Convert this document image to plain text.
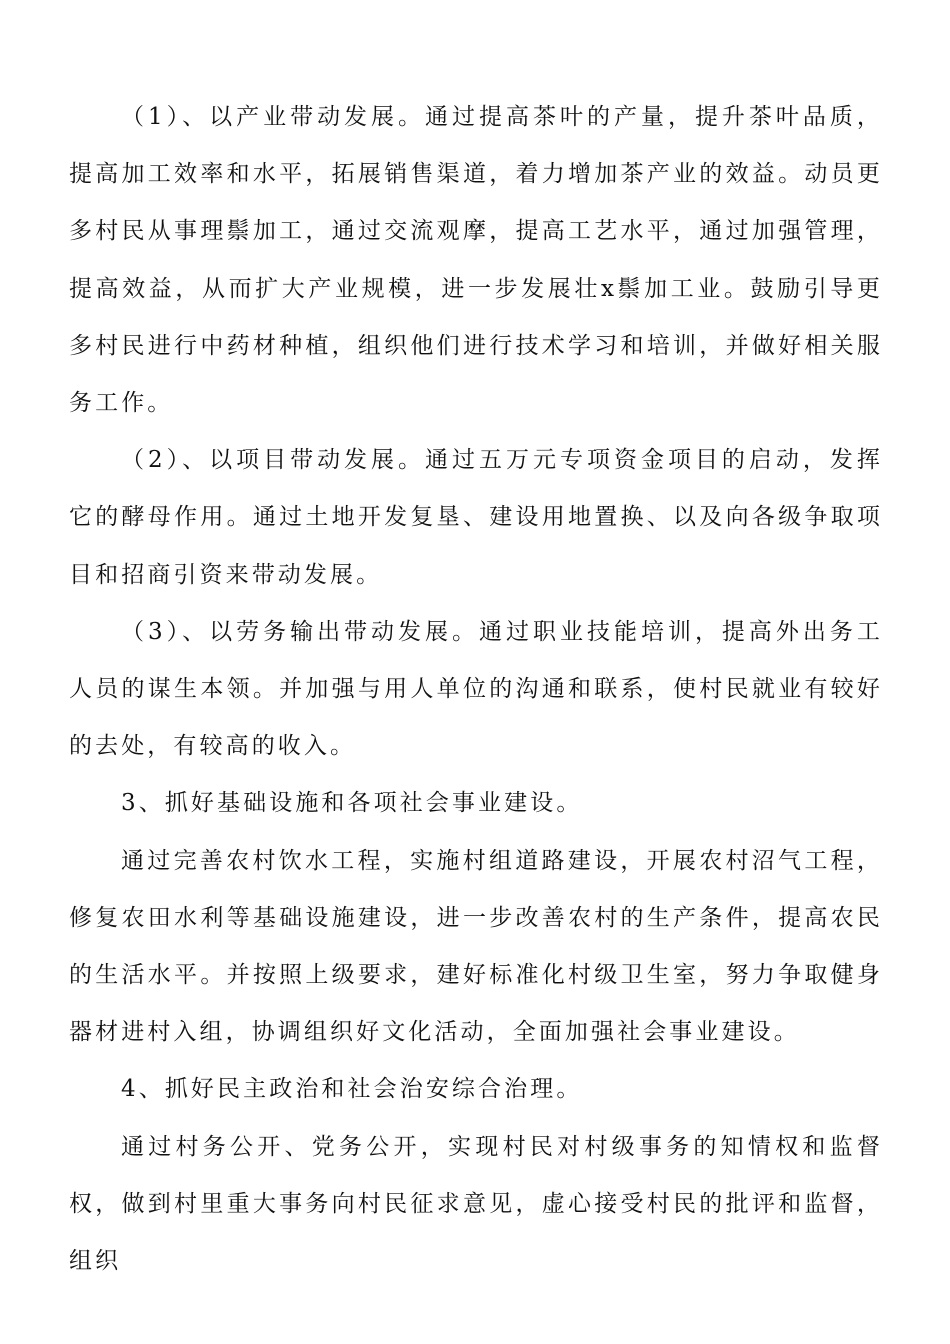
（1）、以产业带动发展。通过提高茶叶的产量，提升茶叶品质，提高加工效率和水平，拓展销售渠道，着力增加茶产业的效益。动员更多村民从事理鬃加工，通过交流观摩，提高工艺水平，通过加强管理，提高效益，从而扩大产业规模，进一步发展壮x鬃加工业。鼓励引导更多村民进行中药材种植，组织他们进行技术学习和培训，并做好相关服务工作。

（2）、以项目带动发展。通过五万元专项资金项目的启动，发挥它的酵母作用。通过土地开发复垦、建设用地置换、以及向各级争取项目和招商引资来带动发展。

（3）、以劳务输出带动发展。通过职业技能培训，提高外出务工人员的谋生本领。并加强与用人单位的沟通和联系，使村民就业有较好的去处，有较高的收入。

3、抓好基础设施和各项社会事业建设。

通过完善农村饮水工程，实施村组道路建设，开展农村沼气工程，修复农田水利等基础设施建设，进一步改善农村的生产条件，提高农民的生活水平。并按照上级要求，建好标准化村级卫生室，努力争取健身器材进村入组，协调组织好文化活动，全面加强社会事业建设。

4、抓好民主政治和社会治安综合治理。

通过村务公开、党务公开，实现村民对村级事务的知情权和监督权，做到村里重大事务向村民征求意见，虚心接受村民的批评和监督，组织
